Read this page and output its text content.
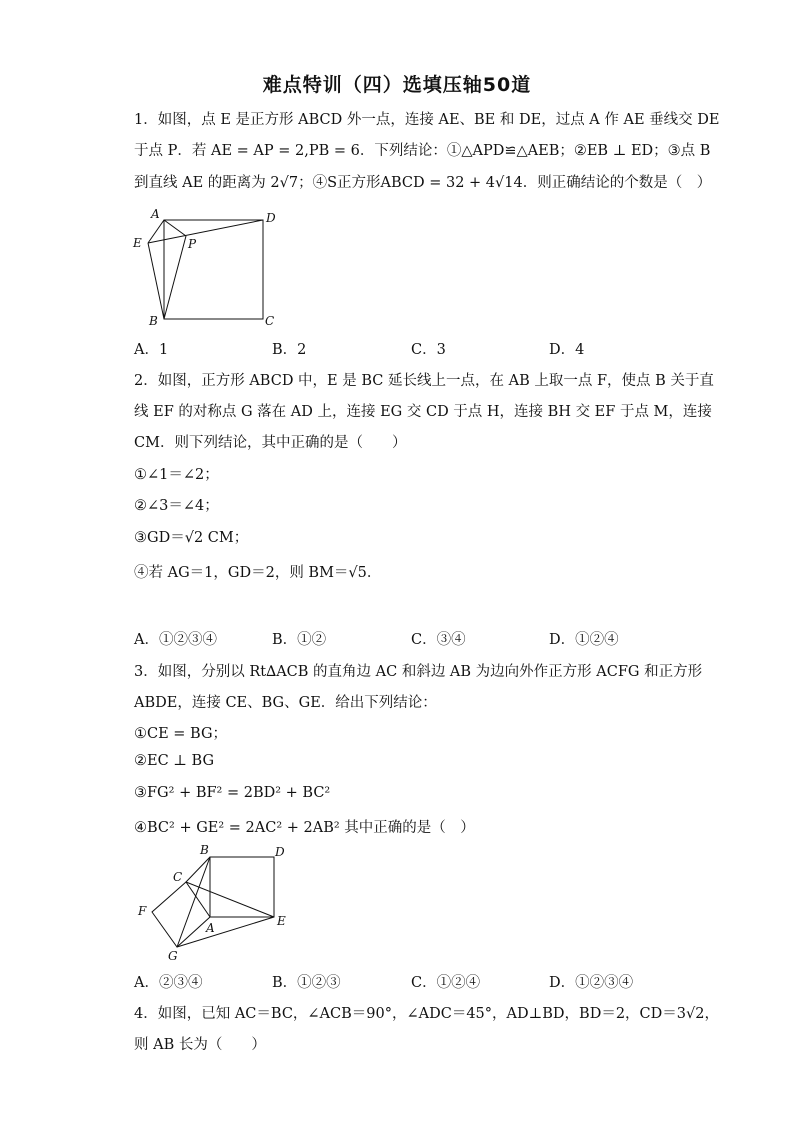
难点特训（四）选填压轴50道
1．如图，点 E 是正方形 ABCD 外一点，连接 AE、BE 和 DE，过点 A 作 AE 垂线交 DE
于点 P．若 AE = AP = 2,PB = 6．下列结论：①△APD≌△AEB；②EB ⊥ ED；③点 B
到直线 AE 的距离为 2√7；④S正方形ABCD = 32 + 4√14．则正确结论的个数是（　）
A	D
E	P
B	C
A．1	B．2	C．3	D．4
2．如图，正方形 ABCD 中，E 是 BC 延长线上一点，在 AB 上取一点 F，使点 B 关于直
线 EF 的对称点 G 落在 AD 上，连接 EG 交 CD 于点 H，连接 BH 交 EF 于点 M，连接
CM．则下列结论，其中正确的是（　　）
①∠1＝∠2；
②∠3＝∠4；
③GD＝√2 CM；
④若 AG＝1，GD＝2，则 BM＝√5．
A．①②③④	B．①②	C．③④	D．①②④
3．如图，分别以 Rt∆ACB 的直角边 AC 和斜边 AB 为边向外作正方形 ACFG 和正方形
ABDE，连接 CE、BG、GE．给出下列结论：
①CE = BG；
②EC ⊥ BG
③FG² + BF² = 2BD² + BC²
④BC² + GE² = 2AC² + 2AB² 其中正确的是（　）
B	D
C
F
A	E
G
A．②③④	B．①②③	C．①②④	D．①②③④
4．如图，已知 AC＝BC，∠ACB＝90°，∠ADC＝45°，AD⊥BD，BD＝2，CD＝3√2，
则 AB 长为（　　）
